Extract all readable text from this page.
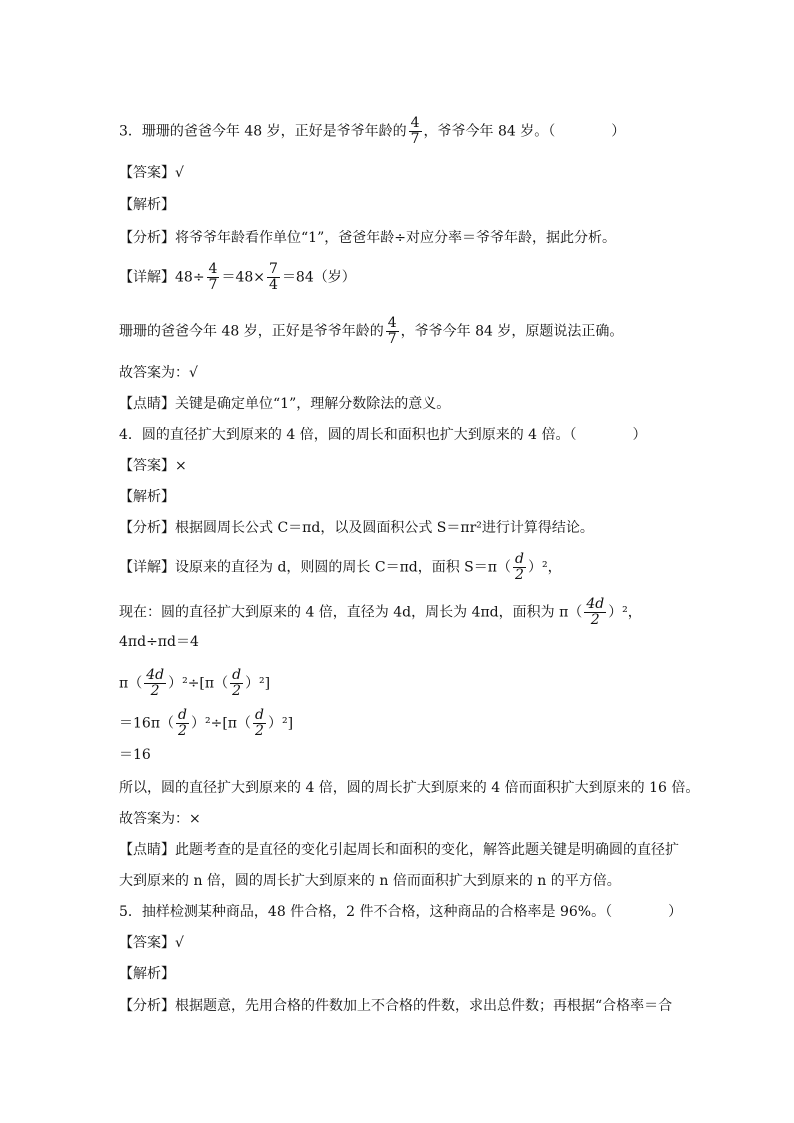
3．珊珊的爸爸今年 48 岁，正好是爷爷年龄的 $\frac{4}{7}$ ，爷爷今年 84 岁。（　　　　）
【答案】√
【解析】
【分析】将爷爷年龄看作单位“1”，爸爸年龄÷对应分率＝爷爷年龄，据此分析。
【详解】$48\div \frac{4}{7} =48\times \frac{7}{4} =84$（岁）
珊珊的爸爸今年 48 岁，正好是爷爷年龄的 $\frac{4}{7}$ ，爷爷今年 84 岁，原题说法正确。
故答案为：√
【点睛】关键是确定单位“1”，理解分数除法的意义。
4．圆的直径扩大到原来的 4 倍，圆的周长和面积也扩大到原来的 4 倍。（　　　　）
【答案】×
【解析】
【分析】根据圆周长公式 C＝πd，以及圆面积公式 S＝πr²进行计算得结论。
【详解】设原来的直径为 d，则圆的周长 C＝πd，面积 $S=\pi( \frac{d}{2} )^2$，
现在：圆的直径扩大到原来的 4 倍，直径为 4d，周长为 4πd，面积为 $\pi( \frac{4d}{2} )^2$，
4πd÷πd＝4
$\pi( \frac{4d}{2} )^2\div[\pi( \frac{d}{2} )^2]$
$=16\pi( \frac{d}{2} )^2\div[\pi( \frac{d}{2} )^2]$
＝16
所以，圆的直径扩大到原来的 4 倍，圆的周长扩大到原来的 4 倍而面积扩大到原来的 16 倍。
故答案为：×
【点睛】此题考查的是直径的变化引起周长和面积的变化，解答此题关键是明确圆的直径扩
大到原来的 n 倍，圆的周长扩大到原来的 n 倍而面积扩大到原来的 n 的平方倍。
5．抽样检测某种商品，48 件合格，2 件不合格，这种商品的合格率是 96%。（　　　　）
【答案】√
【解析】
【分析】根据题意，先用合格的件数加上不合格的件数，求出总件数；再根据“合格率＝合
